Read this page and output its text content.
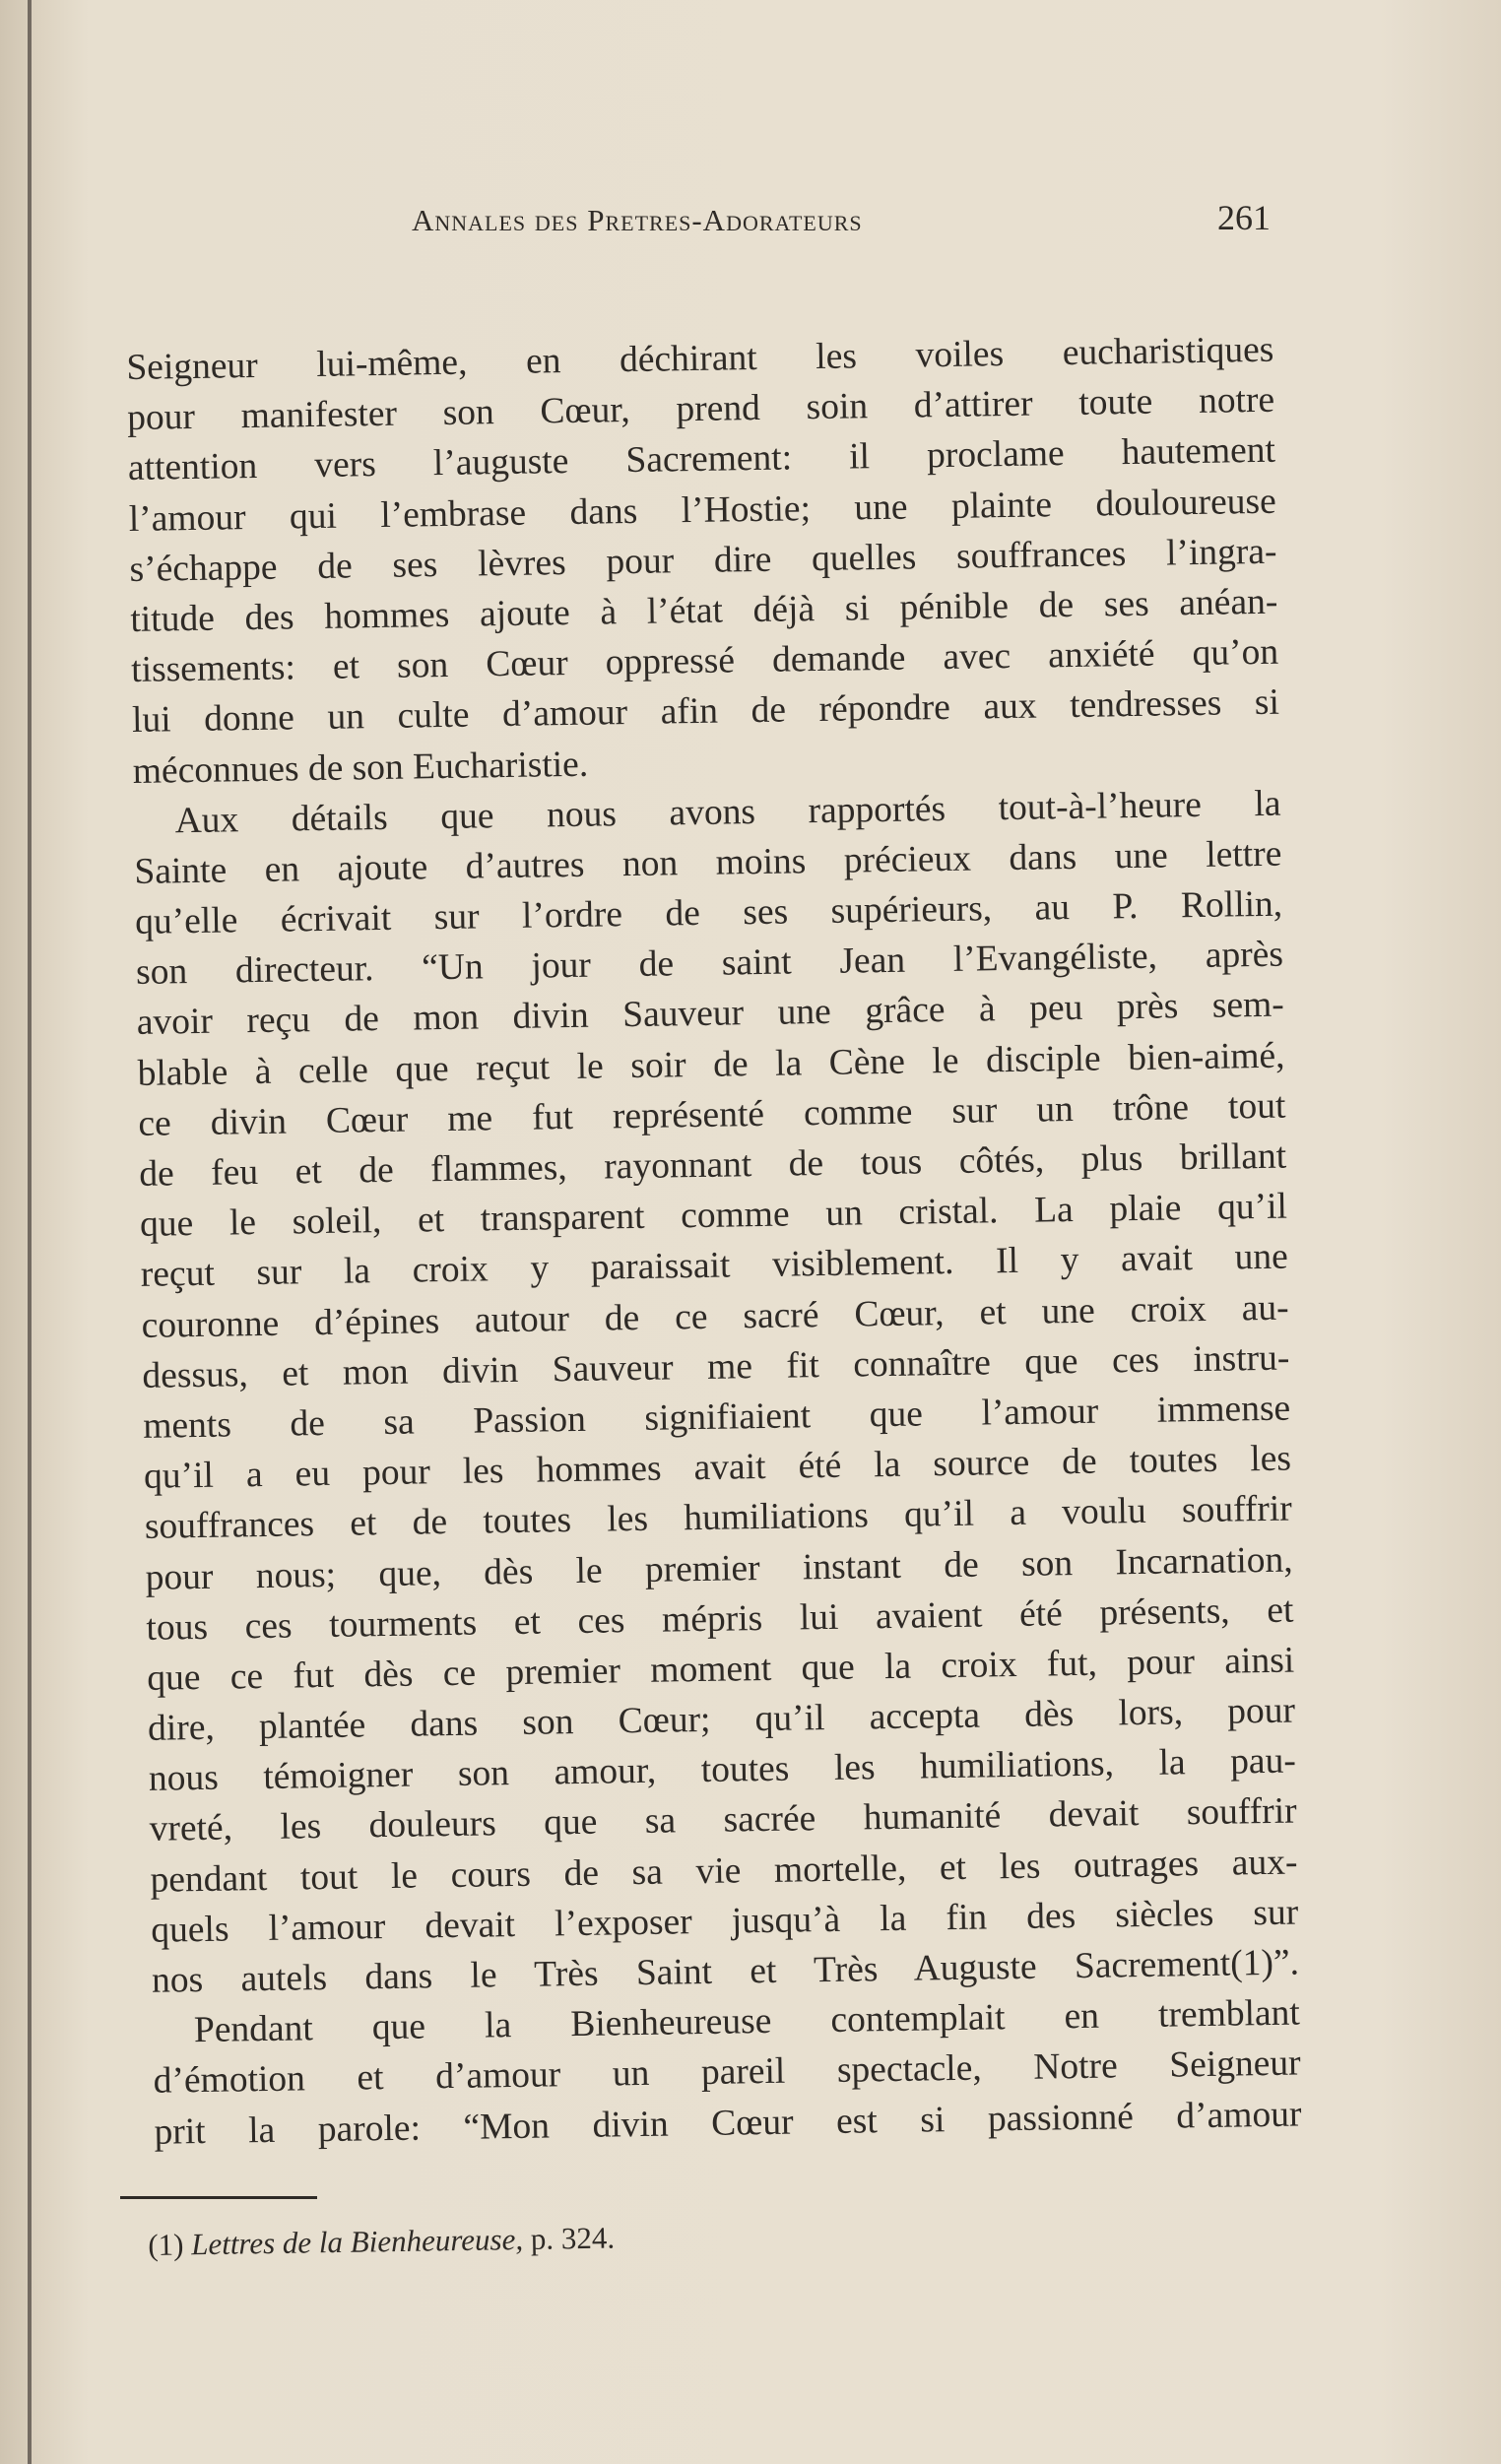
Annales des Pretres-Adorateurs	261
Seigneur lui-même, en déchirant les voiles eucharistiques
pour manifester son Cœur, prend soin d’attirer toute notre
attention vers l’auguste Sacrement: il proclame hautement
l’amour qui l’embrase dans l’Hostie; une plainte douloureuse
s’échappe de ses lèvres pour dire quelles souffrances l’ingra-
titude des hommes ajoute à l’état déjà si pénible de ses anéan-
tissements: et son Cœur oppressé demande avec anxiété qu’on
lui donne un culte d’amour afin de répondre aux tendresses si
méconnues de son Eucharistie.
Aux détails que nous avons rapportés tout-à-l’heure la
Sainte en ajoute d’autres non moins précieux dans une lettre
qu’elle écrivait sur l’ordre de ses supérieurs, au P. Rollin,
son directeur. “Un jour de saint Jean l’Evangéliste, après
avoir reçu de mon divin Sauveur une grâce à peu près sem-
blable à celle que reçut le soir de la Cène le disciple bien-aimé,
ce divin Cœur me fut représenté comme sur un trône tout
de feu et de flammes, rayonnant de tous côtés, plus brillant
que le soleil, et transparent comme un cristal. La plaie qu’il
reçut sur la croix y paraissait visiblement. Il y avait une
couronne d’épines autour de ce sacré Cœur, et une croix au-
dessus, et mon divin Sauveur me fit connaître que ces instru-
ments de sa Passion signifiaient que l’amour immense
qu’il a eu pour les hommes avait été la source de toutes les
souffrances et de toutes les humiliations qu’il a voulu souffrir
pour nous; que, dès le premier instant de son Incarnation,
tous ces tourments et ces mépris lui avaient été présents, et
que ce fut dès ce premier moment que la croix fut, pour ainsi
dire, plantée dans son Cœur; qu’il accepta dès lors, pour
nous témoigner son amour, toutes les humiliations, la pau-
vreté, les douleurs que sa sacrée humanité devait souffrir
pendant tout le cours de sa vie mortelle, et les outrages aux-
quels l’amour devait l’exposer jusqu’à la fin des siècles sur
nos autels dans le Très Saint et Très Auguste Sacrement(1)”.
Pendant que la Bienheureuse contemplait en tremblant
d’émotion et d’amour un pareil spectacle, Notre Seigneur
prit la parole: “Mon divin Cœur est si passionné d’amour
(1) Lettres de la Bienheureuse, p. 324.
